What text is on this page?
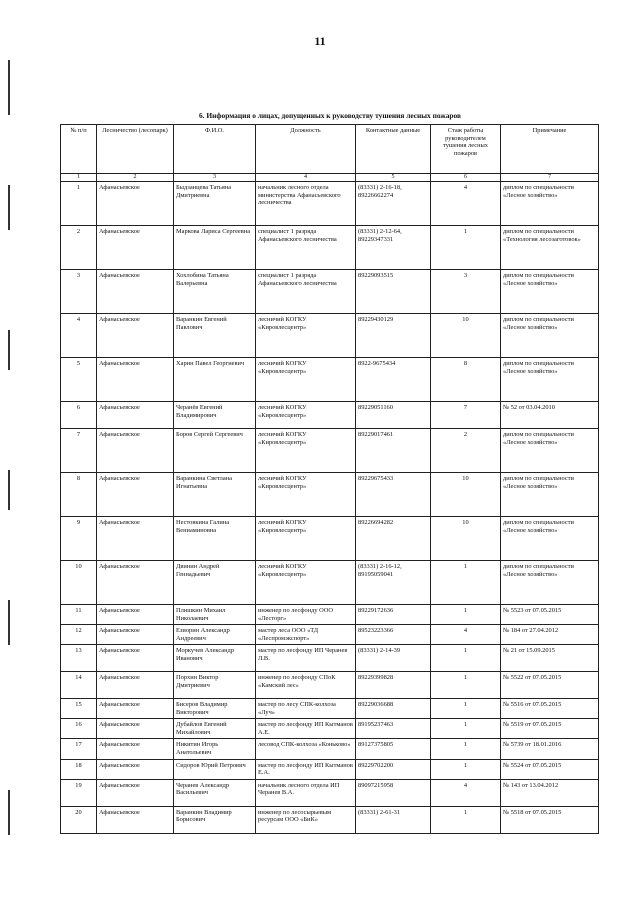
11
6. Информация о лицах, допущенных к руководству тушения лесных пожаров
№ п/п	Лесничество (лесопарк)	Ф.И.О.	Должность	Контактные данные	Стаж работы руководителем тушения лесных пожаров	Примечание
1	2	3	4	5	6	7
1	Афанасьевское	Быдзанцева Татьяна Дмитриевна	начальник лесного отдела министерства Афанасьевского лесничества	(83331) 2-16-18, 89226662274	4	диплом по специальности «Лесное хозяйство»
2	Афанасьевское	Маркова Лариса Сергеевна	специалист 1 разряда Афанасьевского лесничества	(83331) 2-12-64, 89229347331	1	диплом по специальности «Технология лесозаготовок»
3	Афанасьевское	Хохлобина Татьяна Валерьевна	специалист 1 разряда Афанасьевского лесничества	89229093515	3	диплом по специальности «Лесное хозяйство»
4	Афанасьевское	Варанкин Евгений Павлович	лесничий КОГКУ «Кировлесцентр»	89229430129	10	диплом по специальности «Лесное хозяйство»
5	Афанасьевское	Харин Павел Георгиевич	лесничий КОГКУ «Кировлесцентр»	8922-9675434	8	диплом по специальности «Лесное хозяйство»
6	Афанасьевское	Черанёв Евгений Владимирович	лесничий КОГКУ «Кировлесцентр»	89229051160	7	№ 52 от 03.04.2010
7	Афанасьевское	Боров Сергей Сергеевич	лесничий КОГКУ «Кировлесцентр»	89229017461	2	диплом по специальности «Лесное хозяйство»
8	Афанасьевское	Варанкина Светлана Игнатьевна	лесничий КОГКУ «Кировлесцентр»	89229675433	10	диплом по специальности «Лесное хозяйство»
9	Афанасьевское	Нестовкина Галина Вениаминовна	лесничий КОГКУ «Кировлесцентр»	89226694282	10	диплом по специальности «Лесное хозяйство»
10	Афанасьевское	Двинин Андрей Геннадьевич	лесничий КОГКУ «Кировлесцентр»	(83331) 2-16-12, 89195059041	1	диплом по специальности «Лесное хозяйство»
11	Афанасьевское	Плишкин Михаил Николаевич	инженер по лесфонду ООО «Лесторг»	89229172636	1	№ 5523 от 07.05.2015
12	Афанасьевское	Езиорин Александр Андреевич	мастер леса ООО «ТД «Леспромэкспорт»	89523223366	4	№ 184 от 27.04.2012
13	Афанасьевское	Моркучев Александр Иванович	мастер по лесфонду ИП Черанев Л.В.	(83331) 2-14-39	1	№ 21 от 15.09.2015
14	Афанасьевское	Порхин Виктор Дмитриевич	инженер по лесфонду СПоК «Камский лес»	89229399828	1	№ 5522 от 07.05.2015
15	Афанасьевское	Бисеров Владимир Викторович	мастер по лесу СПК-колхоза «Луч»	89229036688	1	№ 5516 от 07.05.2015
16	Афанасьевское	Дубайлов Евгений Михайлович	мастер по лесфонду ИП Кытманов А.Е.	89195237463	1	№ 5519 от 07.05.2015
17	Афанасьевское	Никитин Игорь Анатольевич	лесовод СПК-колхоза «Коньково»	89127375805	1	№ 5739 от 18.01.2016
18	Афанасьевское	Сидоров Юрий Петрович	мастер по лесфонду ИП Кытманов Е.А.	89229702200	1	№ 5524 от 07.05.2015
19	Афанасьевское	Черанев Александр Васильевич	начальник лесного отдела ИП Черанев В.А.	89097215958	4	№ 143 от 13.04.2012
20	Афанасьевское	Варанкин Владимир Борисович	инженер по лесосырьевым ресурсам ООО «БиК»	(83331) 2-61-31	1	№ 5518 от 07.05.2015
